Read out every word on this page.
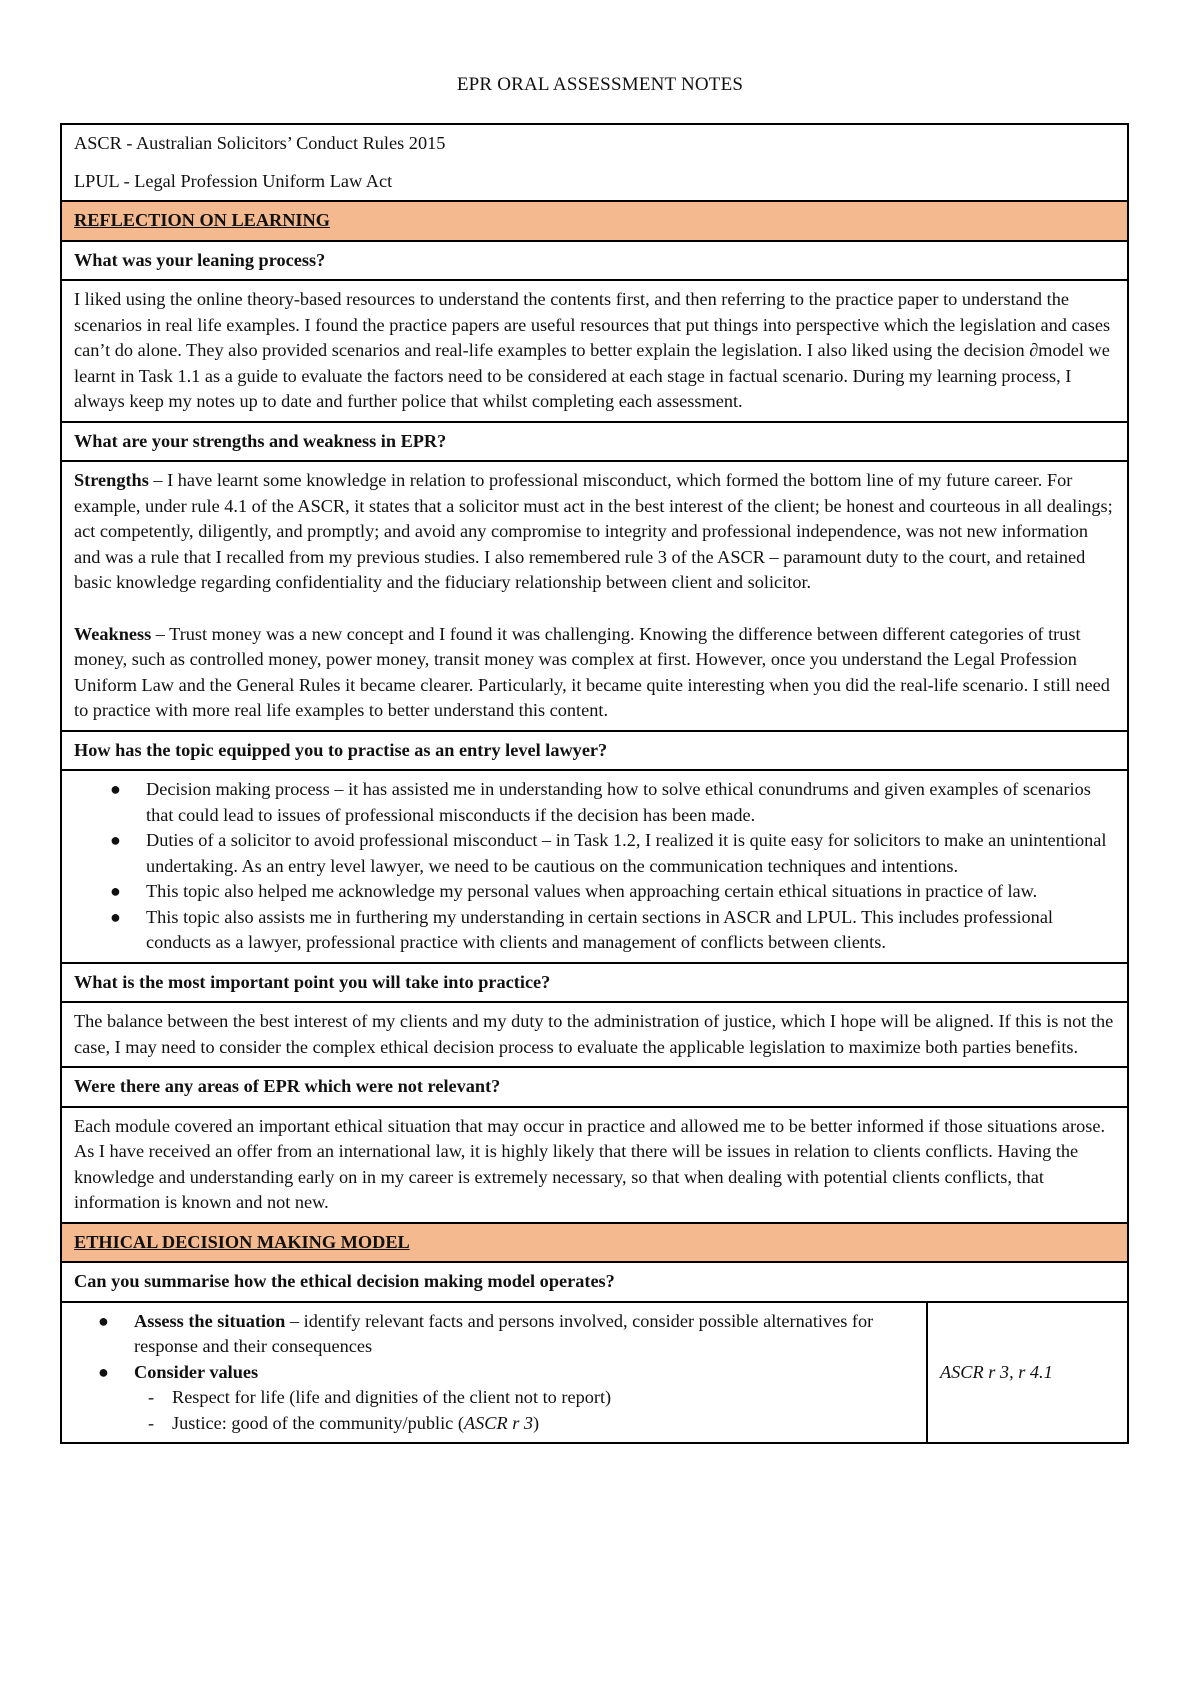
EPR ORAL ASSESSMENT NOTES
ASCR - Australian Solicitors’ Conduct Rules 2015
LPUL - Legal Profession Uniform Law Act
REFLECTION ON LEARNING
What was your leaning process?
I liked using the online theory-based resources to understand the contents first, and then referring to the practice paper to understand the scenarios in real life examples. I found the practice papers are useful resources that put things into perspective which the legislation and cases can’t do alone. They also provided scenarios and real-life examples to better explain the legislation. I also liked using the decision ∂model we learnt in Task 1.1 as a guide to evaluate the factors need to be considered at each stage in factual scenario. During my learning process, I always keep my notes up to date and further police that whilst completing each assessment.
What are your strengths and weakness in EPR?
Strengths – I have learnt some knowledge in relation to professional misconduct, which formed the bottom line of my future career. For example, under rule 4.1 of the ASCR, it states that a solicitor must act in the best interest of the client; be honest and courteous in all dealings; act competently, diligently, and promptly; and avoid any compromise to integrity and professional independence, was not new information and was a rule that I recalled from my previous studies. I also remembered rule 3 of the ASCR – paramount duty to the court, and retained basic knowledge regarding confidentiality and the fiduciary relationship between client and solicitor.
Weakness – Trust money was a new concept and I found it was challenging. Knowing the difference between different categories of trust money, such as controlled money, power money, transit money was complex at first. However, once you understand the Legal Profession Uniform Law and the General Rules it became clearer. Particularly, it became quite interesting when you did the real-life scenario. I still need to practice with more real life examples to better understand this content.
How has the topic equipped you to practise as an entry level lawyer?
● Decision making process – it has assisted me in understanding how to solve ethical conundrums and given examples of scenarios that could lead to issues of professional misconducts if the decision has been made.
● Duties of a solicitor to avoid professional misconduct – in Task 1.2, I realized it is quite easy for solicitors to make an unintentional undertaking. As an entry level lawyer, we need to be cautious on the communication techniques and intentions.
● This topic also helped me acknowledge my personal values when approaching certain ethical situations in practice of law.
● This topic also assists me in furthering my understanding in certain sections in ASCR and LPUL. This includes professional conducts as a lawyer, professional practice with clients and management of conflicts between clients.
What is the most important point you will take into practice?
The balance between the best interest of my clients and my duty to the administration of justice, which I hope will be aligned. If this is not the case, I may need to consider the complex ethical decision process to evaluate the applicable legislation to maximize both parties benefits.
Were there any areas of EPR which were not relevant?
Each module covered an important ethical situation that may occur in practice and allowed me to be better informed if those situations arose. As I have received an offer from an international law, it is highly likely that there will be issues in relation to clients conflicts. Having the knowledge and understanding early on in my career is extremely necessary, so that when dealing with potential clients conflicts, that information is known and not new.
ETHICAL DECISION MAKING MODEL
Can you summarise how the ethical decision making model operates?
● Assess the situation – identify relevant facts and persons involved, consider possible alternatives for response and their consequences
● Consider values
- Respect for life (life and dignities of the client not to report)
- Justice: good of the community/public (ASCR r 3)
ASCR r 3, r 4.1
